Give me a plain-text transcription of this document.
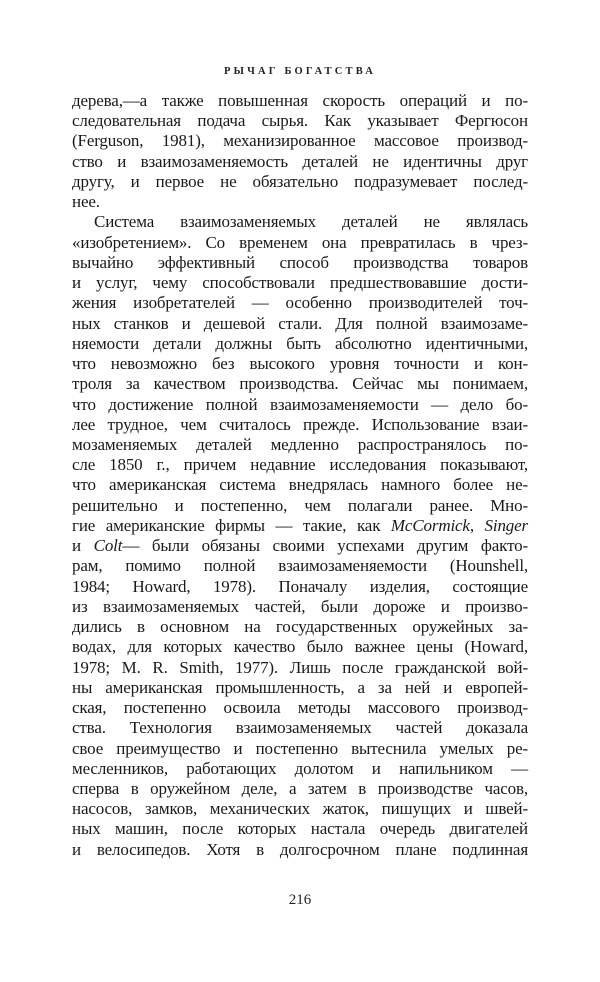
РЫЧАГ БОГАТСТВА
дерева,—а также повышенная скорость операций и по-
следовательная подача сырья. Как указывает Фергюсон
(Ferguson, 1981), механизированное массовое производ-
ство и взаимозаменяемость деталей не идентичны друг
другу, и первое не обязательно подразумевает послед-
нее.
Система взаимозаменяемых деталей не являлась
«изобретением». Со временем она превратилась в чрез-
вычайно эффективный способ производства товаров
и услуг, чему способствовали предшествовавшие дости-
жения изобретателей — особенно производителей точ-
ных станков и дешевой стали. Для полной взаимозаме-
няемости детали должны быть абсолютно идентичными,
что невозможно без высокого уровня точности и кон-
троля за качеством производства. Сейчас мы понимаем,
что достижение полной взаимозаменяемости — дело бо-
лее трудное, чем считалось прежде. Использование взаи-
мозаменяемых деталей медленно распространялось по-
сле 1850 г., причем недавние исследования показывают,
что американская система внедрялась намного более не-
решительно и постепенно, чем полагали ранее. Мно-
гие американские фирмы — такие, как McCormick, Singer
и Colt— были обязаны своими успехами другим факто-
рам, помимо полной взаимозаменяемости (Hounshell,
1984; Howard, 1978). Поначалу изделия, состоящие
из взаимозаменяемых частей, были дороже и произво-
дились в основном на государственных оружейных за-
водах, для которых качество было важнее цены (Howard,
1978; M. R. Smith, 1977). Лишь после гражданской вой-
ны американская промышленность, а за ней и европей-
ская, постепенно освоила методы массового производ-
ства. Технология взаимозаменяемых частей доказала
свое преимущество и постепенно вытеснила умелых ре-
месленников, работающих долотом и напильником —
сперва в оружейном деле, а затем в производстве часов,
насосов, замков, механических жаток, пишущих и швей-
ных машин, после которых настала очередь двигателей
и велосипедов. Хотя в долгосрочном плане подлинная
216
